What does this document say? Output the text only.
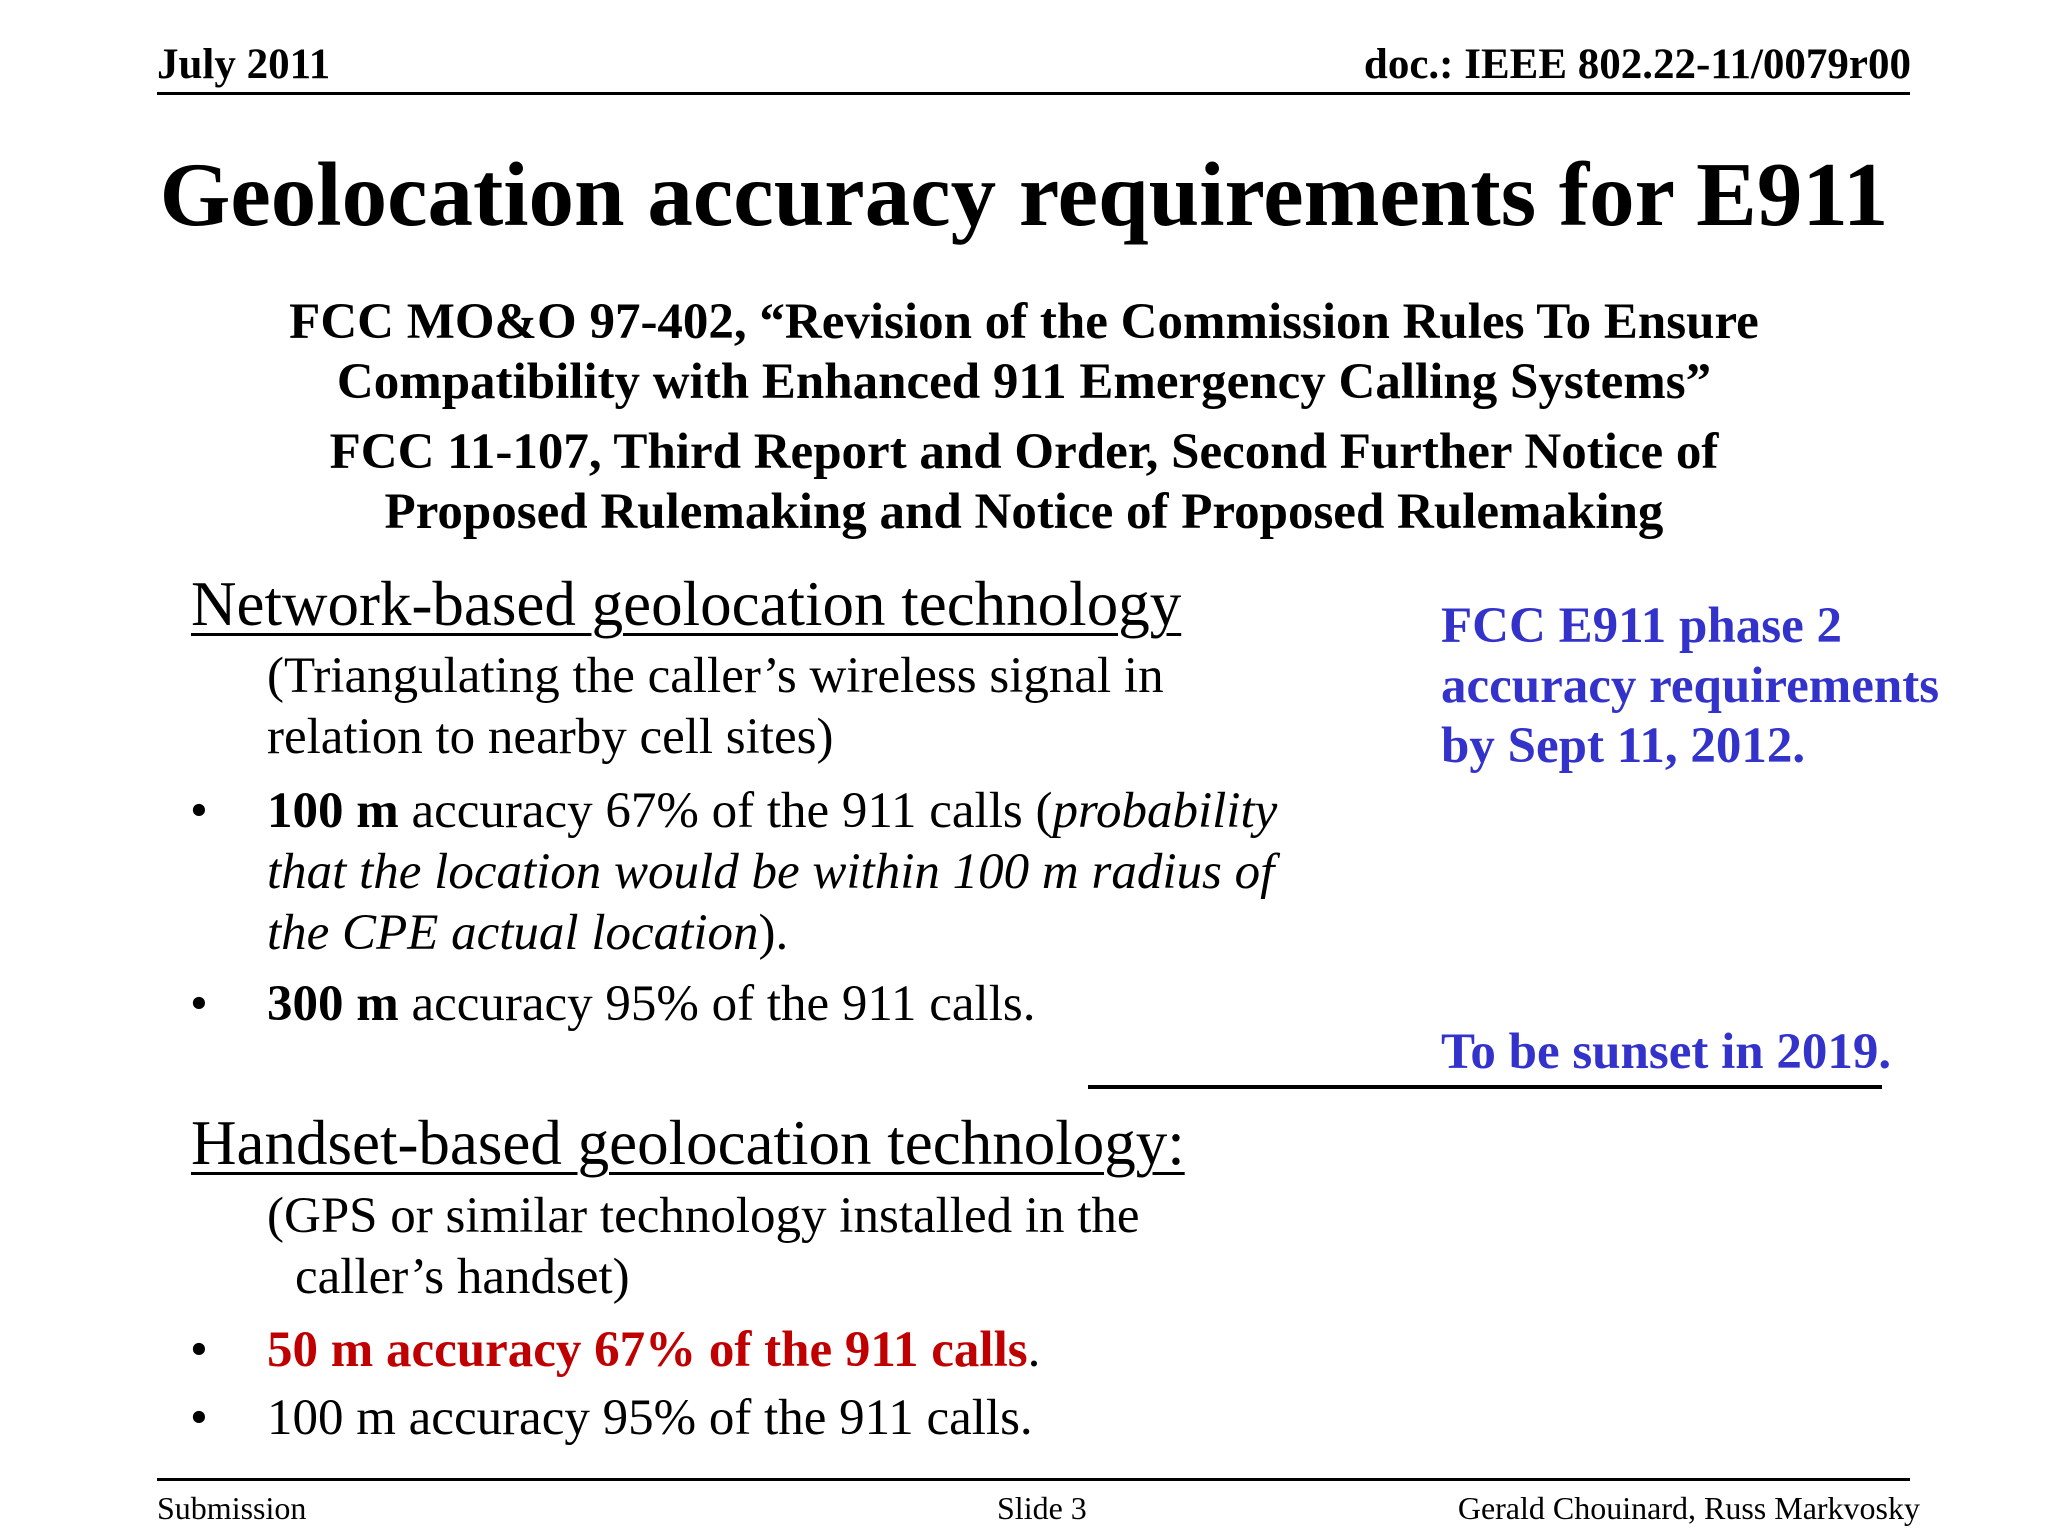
July 2011	doc.: IEEE 802.22-11/0079r00
Geolocation accuracy requirements for E911

FCC MO&O 97-402, “Revision of the Commission Rules To Ensure

Compatibility with Enhanced 911 Emergency Calling Systems”

FCC 11-107, Third Report and Order, Second Further Notice of

Proposed Rulemaking and Notice of Proposed Rulemaking

Network-based geolocation technology
(Triangulating the caller’s wireless signal in
relation to nearby cell sites)
• 100 m accuracy 67% of the 911 calls (probability
that the location would be within 100 m radius of
the CPE actual location).
• 300 m accuracy 95% of the 911 calls.
FCC E911 phase 2
accuracy requirements
by Sept 11, 2012.
To be sunset in 2019.
Handset-based geolocation technology:
(GPS or similar technology installed in the
caller’s handset)
• 50 m accuracy 67% of the 911 calls.
• 100 m accuracy 95% of the 911 calls.
Submission	Slide 3	Gerald Chouinard, Russ Markvosky
